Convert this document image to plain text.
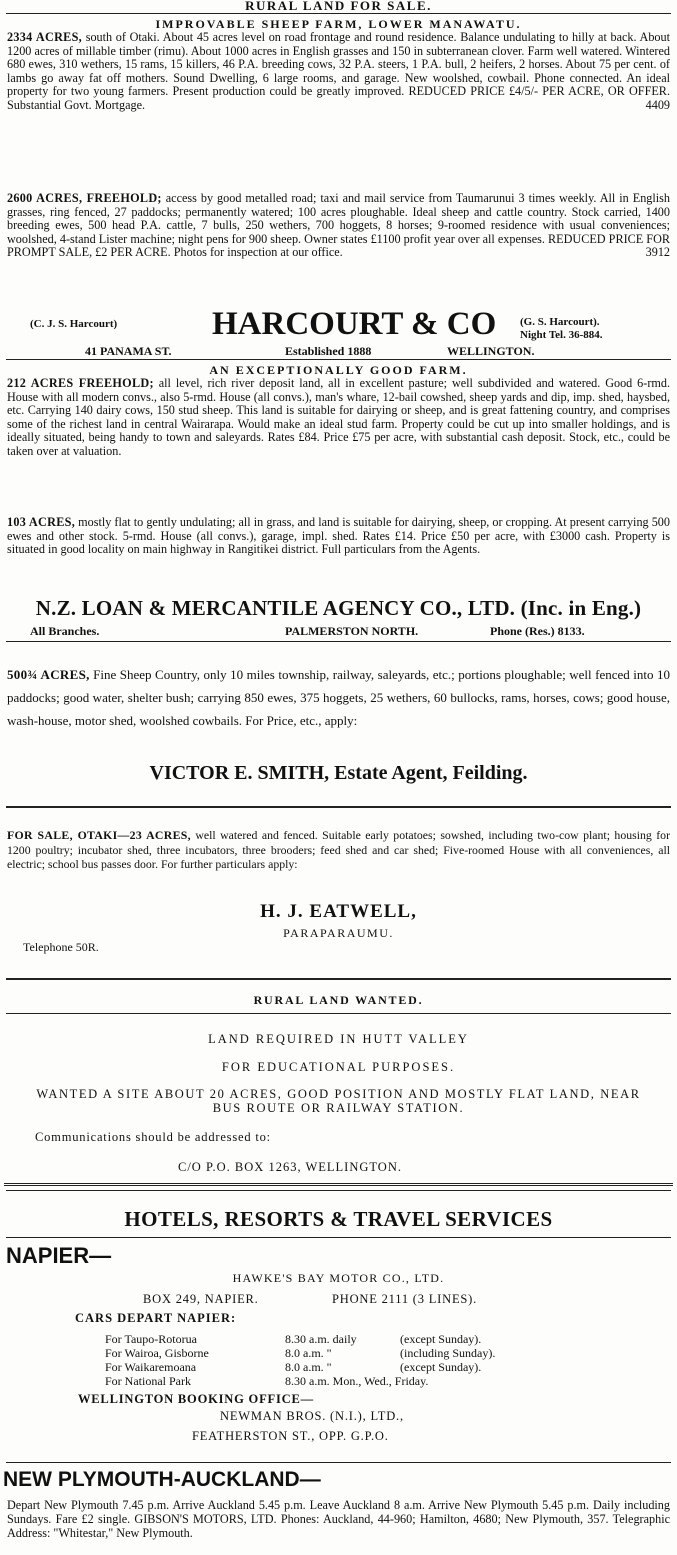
RURAL LAND FOR SALE.
IMPROVABLE SHEEP FARM, LOWER MANAWATU.
2334 ACRES, south of Otaki. About 45 acres level on road frontage and round residence. Balance undulating to hilly at back. About 1200 acres of millable timber (rimu). About 1000 acres in English grasses and 150 in subterranean clover. Farm well watered. Wintered 680 ewes, 310 wethers, 15 rams, 15 killers, 46 P.A. breeding cows, 32 P.A. steers, 1 P.A. bull, 2 heifers, 2 horses. About 75 per cent. of lambs go away fat off mothers. Sound Dwelling, 6 large rooms, and garage. New woolshed, cowbail. Phone connected. An ideal property for two young farmers. Present production could be greatly improved. REDUCED PRICE £4/5/- PER ACRE, OR OFFER. Substantial Govt. Mortgage.	4409
2600 ACRES, FREEHOLD; access by good metalled road; taxi and mail service from Taumarunui 3 times weekly. All in English grasses, ring fenced, 27 paddocks; permanently watered; 100 acres ploughable. Ideal sheep and cattle country. Stock carried, 1400 breeding ewes, 500 head P.A. cattle, 7 bulls, 250 wethers, 700 hoggets, 8 horses; 9-roomed residence with usual conveniences; woolshed, 4-stand Lister machine; night pens for 900 sheep. Owner states £1100 profit year over all expenses. REDUCED PRICE FOR PROMPT SALE, £2 PER ACRE. Photos for inspection at our office.	3912
(C. J. S. Harcourt)	HARCOURT & CO (G. S. Harcourt).
Night Tel. 36-884.
41 PANAMA ST.	Established 1888	WELLINGTON.
AN EXCEPTIONALLY GOOD FARM.
212 ACRES FREEHOLD; all level, rich river deposit land, all in excellent pasture; well subdivided and watered. Good 6-rmd. House with all modern convs., also 5-rmd. House (all convs.), man's whare, 12-bail cowshed, sheep yards and dip, imp. shed, haysbed, etc. Carrying 140 dairy cows, 150 stud sheep. This land is suitable for dairying or sheep, and is great fattening country, and comprises some of the richest land in central Wairarapa. Would make an ideal stud farm. Property could be cut up into smaller holdings, and is ideally situated, being handy to town and saleyards. Rates £84. Price £75 per acre, with substantial cash deposit. Stock, etc., could be taken over at valuation.
103 ACRES, mostly flat to gently undulating; all in grass, and land is suitable for dairying, sheep, or cropping. At present carrying 500 ewes and other stock. 5-rmd. House (all convs.), garage, impl. shed. Rates £14. Price £50 per acre, with £3000 cash. Property is situated in good locality on main highway in Rangitikei district. Full particulars from the Agents.
N.Z. LOAN & MERCANTILE AGENCY CO., LTD. (Inc. in Eng.)
All Branches.	PALMERSTON NORTH.	Phone (Res.) 8133.
500¾ ACRES, Fine Sheep Country, only 10 miles township, railway, saleyards, etc.; portions ploughable; well fenced into 10 paddocks; good water, shelter bush; carrying 850 ewes, 375 hoggets, 25 wethers, 60 bullocks, rams, horses, cows; good house, wash-house, motor shed, woolshed cowbails. For Price, etc., apply:
VICTOR E. SMITH, Estate Agent, Feilding.
FOR SALE, OTAKI—23 ACRES, well watered and fenced. Suitable early potatoes; sowshed, including two-cow plant; housing for 1200 poultry; incubator shed, three incubators, three brooders; feed shed and car shed; Five-roomed House with all conveniences, all electric; school bus passes door. For further particulars apply:
H. J. EATWELL,
PARAPARAUMU.
Telephone 50R.
RURAL LAND WANTED.
LAND REQUIRED IN HUTT VALLEY
FOR EDUCATIONAL PURPOSES.
WANTED A SITE ABOUT 20 ACRES, GOOD POSITION AND MOSTLY FLAT LAND, NEAR BUS ROUTE OR RAILWAY STATION.
Communications should be addressed to:
C/O P.O. BOX 1263, WELLINGTON.
HOTELS, RESORTS & TRAVEL SERVICES
NAPIER—
HAWKE'S BAY MOTOR CO., LTD.
BOX 249, NAPIER.	PHONE 2111 (3 LINES).
CARS DEPART NAPIER:
For Taupo-Rotorua	8.30 a.m. daily	(except Sunday).
For Wairoa, Gisborne	8.0 a.m. "	(including Sunday).
For Waikaremoana	8.0 a.m. "	(except Sunday).
For National Park	8.30 a.m. Mon., Wed., Friday.	
WELLINGTON BOOKING OFFICE—
NEWMAN BROS. (N.I.), LTD.,
FEATHERSTON ST., OPP. G.P.O.
NEW PLYMOUTH-AUCKLAND—
Depart New Plymouth 7.45 p.m. Arrive Auckland 5.45 p.m. Leave Auckland 8 a.m. Arrive New Plymouth 5.45 p.m. Daily including Sundays. Fare £2 single. GIBSON'S MOTORS, LTD. Phones: Auckland, 44-960; Hamilton, 4680; New Plymouth, 357. Telegraphic Address: "Whitestar," New Plymouth.
